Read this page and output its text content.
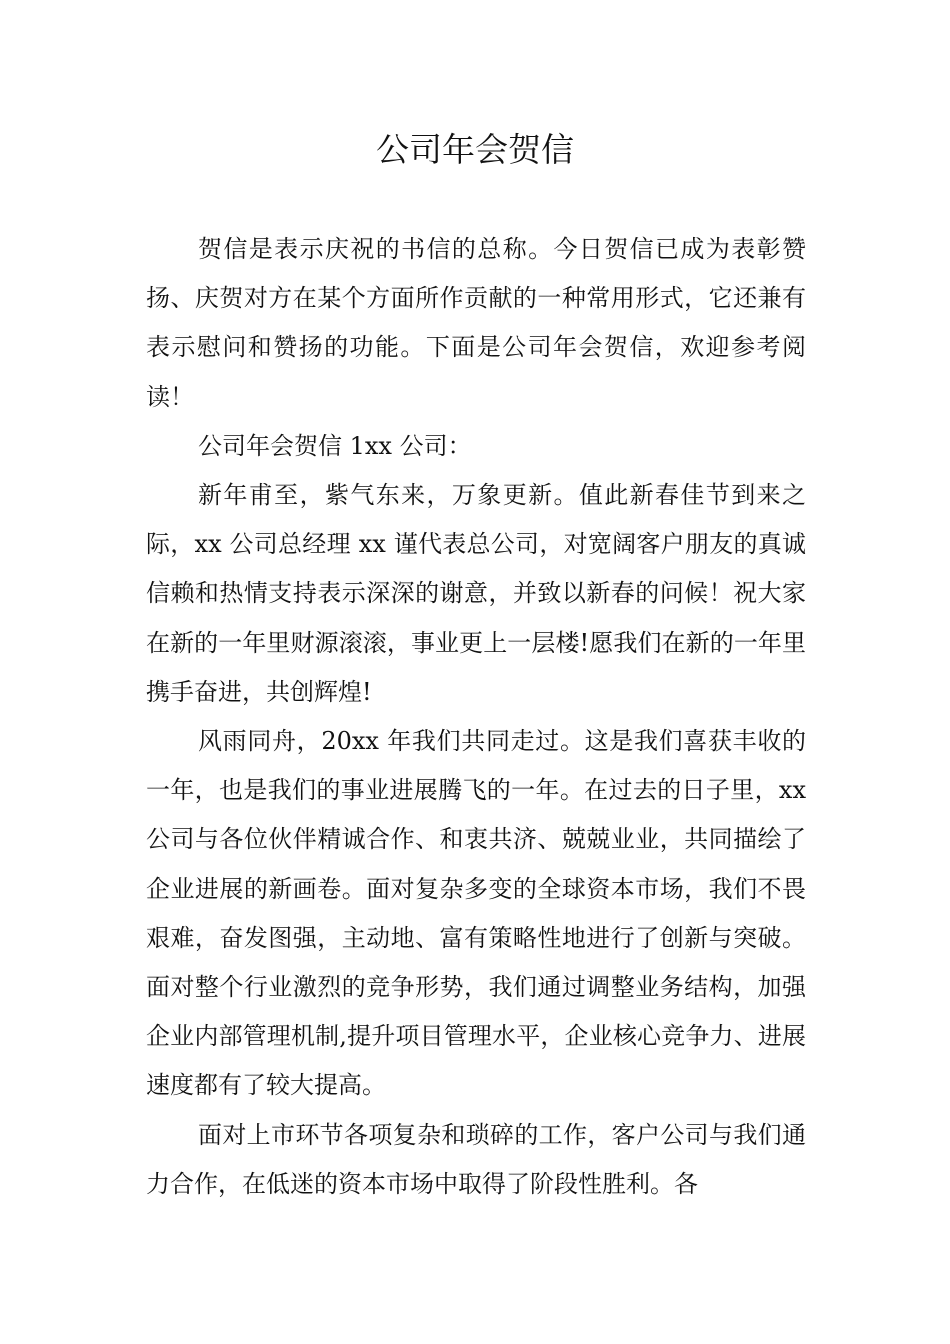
公司年会贺信

贺信是表示庆祝的书信的总称。今日贺信已成为表彰赞扬、庆贺对方在某个方面所作贡献的一种常用形式，它还兼有表示慰问和赞扬的功能。下面是公司年会贺信，欢迎参考阅读！

公司年会贺信 1xx 公司：

新年甫至，紫气东来，万象更新。值此新春佳节到来之际，xx 公司总经理 xx 谨代表总公司，对宽阔客户朋友的真诚信赖和热情支持表示深深的谢意，并致以新春的问候！祝大家在新的一年里财源滚滚，事业更上一层楼!愿我们在新的一年里携手奋进，共创辉煌!

风雨同舟，20xx 年我们共同走过。这是我们喜获丰收的一年，也是我们的事业进展腾飞的一年。在过去的日子里，xx 公司与各位伙伴精诚合作、和衷共济、兢兢业业，共同描绘了企业进展的新画卷。面对复杂多变的全球资本市场，我们不畏艰难，奋发图强，主动地、富有策略性地进行了创新与突破。面对整个行业激烈的竞争形势，我们通过调整业务结构，加强企业内部管理机制,提升项目管理水平，企业核心竞争力、进展速度都有了较大提高。

面对上市环节各项复杂和琐碎的工作，客户公司与我们通力合作，在低迷的资本市场中取得了阶段性胜利。各
